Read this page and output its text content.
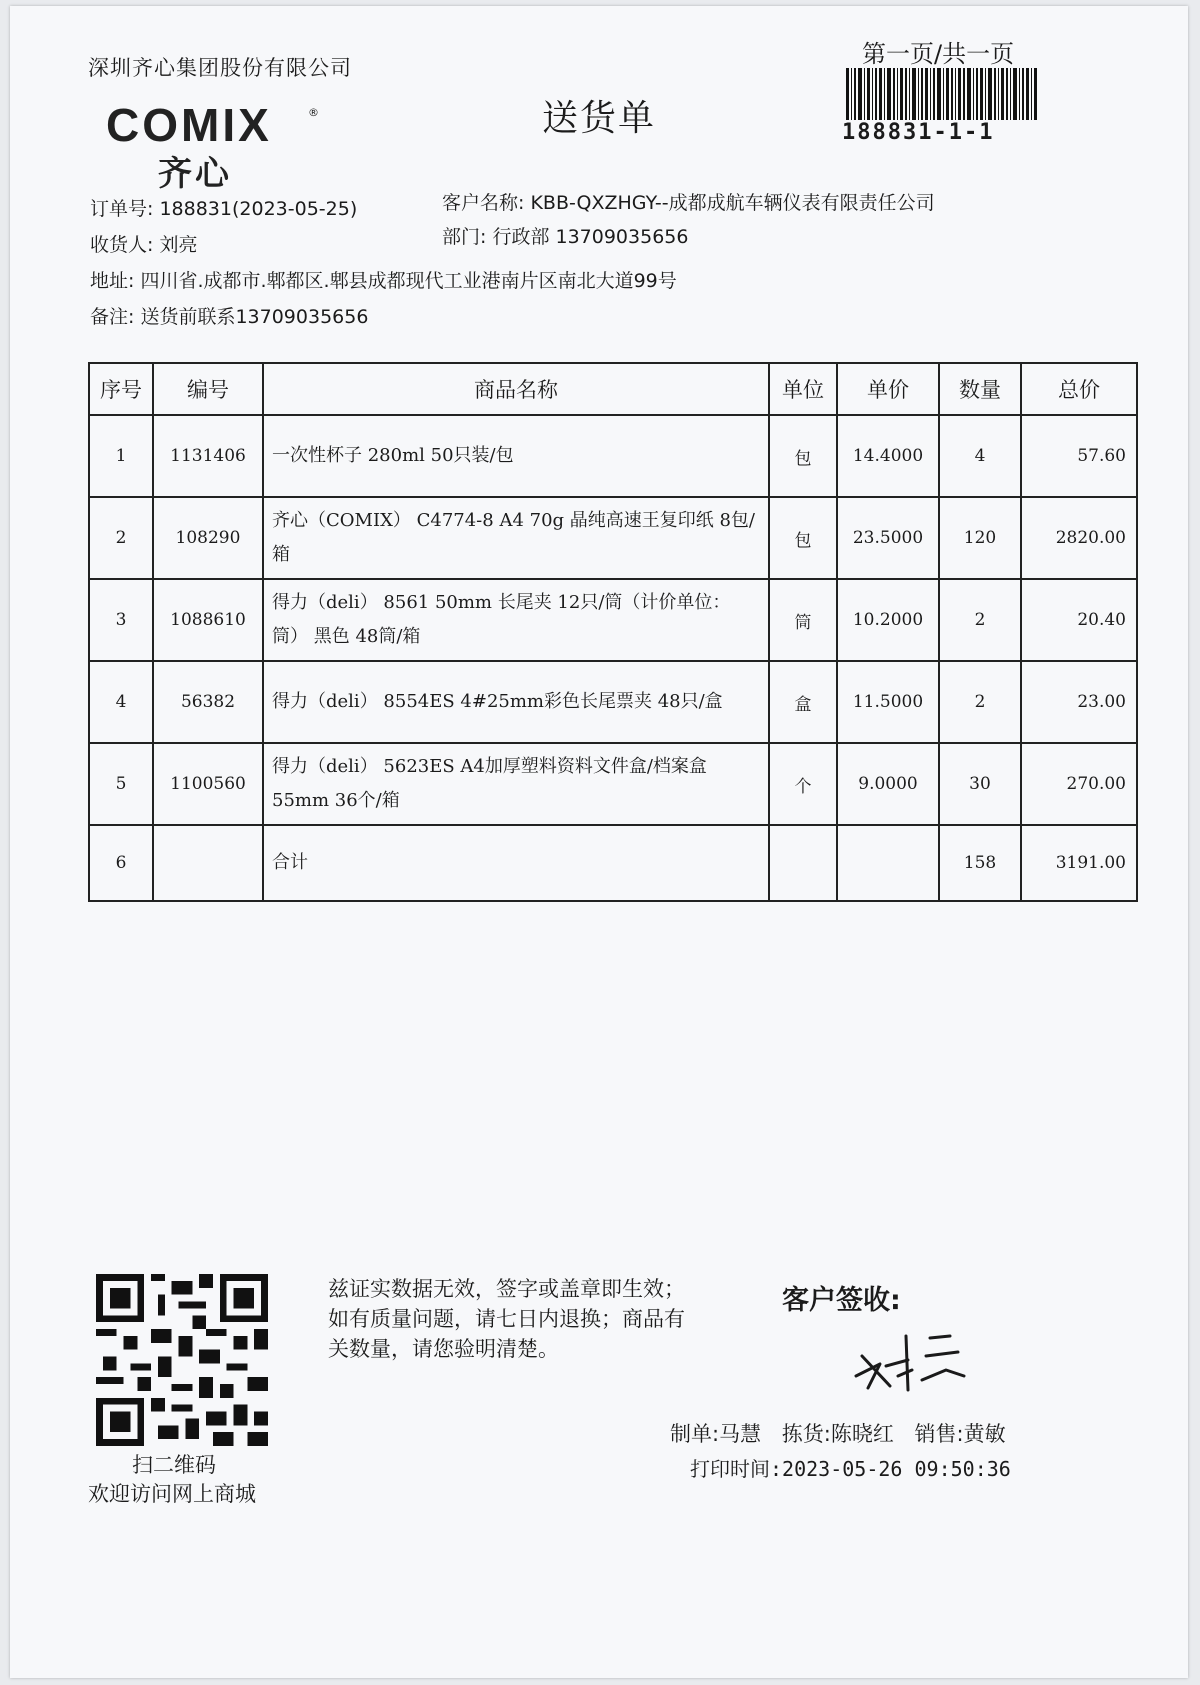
深圳齐心集团股份有限公司
COMIX	®
齐心
送货单
第一页/共一页
188831-1-1
订单号: 188831(2023-05-25)
收货人: 刘亮
地址: 四川省.成都市.郫都区.郫县成都现代工业港南片区南北大道99号
备注: 送货前联系13709035656
客户名称: KBB-QXZHGY--成都成航车辆仪表有限责任公司
部门: 行政部 13709035656
序号	编号	商品名称	单位	单价	数量	总价
1	1131406	一次性杯子 280ml 50只装/包	包	14.4000	4	57.60
2	108290	齐心（COMIX） C4774-8 A4 70g 晶纯高速王复印纸 8包/箱	包	23.5000	120	2820.00
3	1088610	得力（deli） 8561 50mm 长尾夹 12只/筒（计价单位：筒） 黑色 48筒/箱	筒	10.2000	2	20.40
4	56382	得力（deli） 8554ES 4#25mm彩色长尾票夹 48只/盒	盒	11.5000	2	23.00
5	1100560	得力（deli） 5623ES A4加厚塑料资料文件盒/档案盒 55mm 36个/箱	个	9.0000	30	270.00
6		合计			158	3191.00
扫二维码
欢迎访问网上商城
兹证实数据无效，签字或盖章即生效；如有质量问题，请七日内退换；商品有关数量，请您验明清楚。
客户签收:
制单:马慧 拣货:陈晓红 销售:黄敏
打印时间:2023-05-26 09:50:36
